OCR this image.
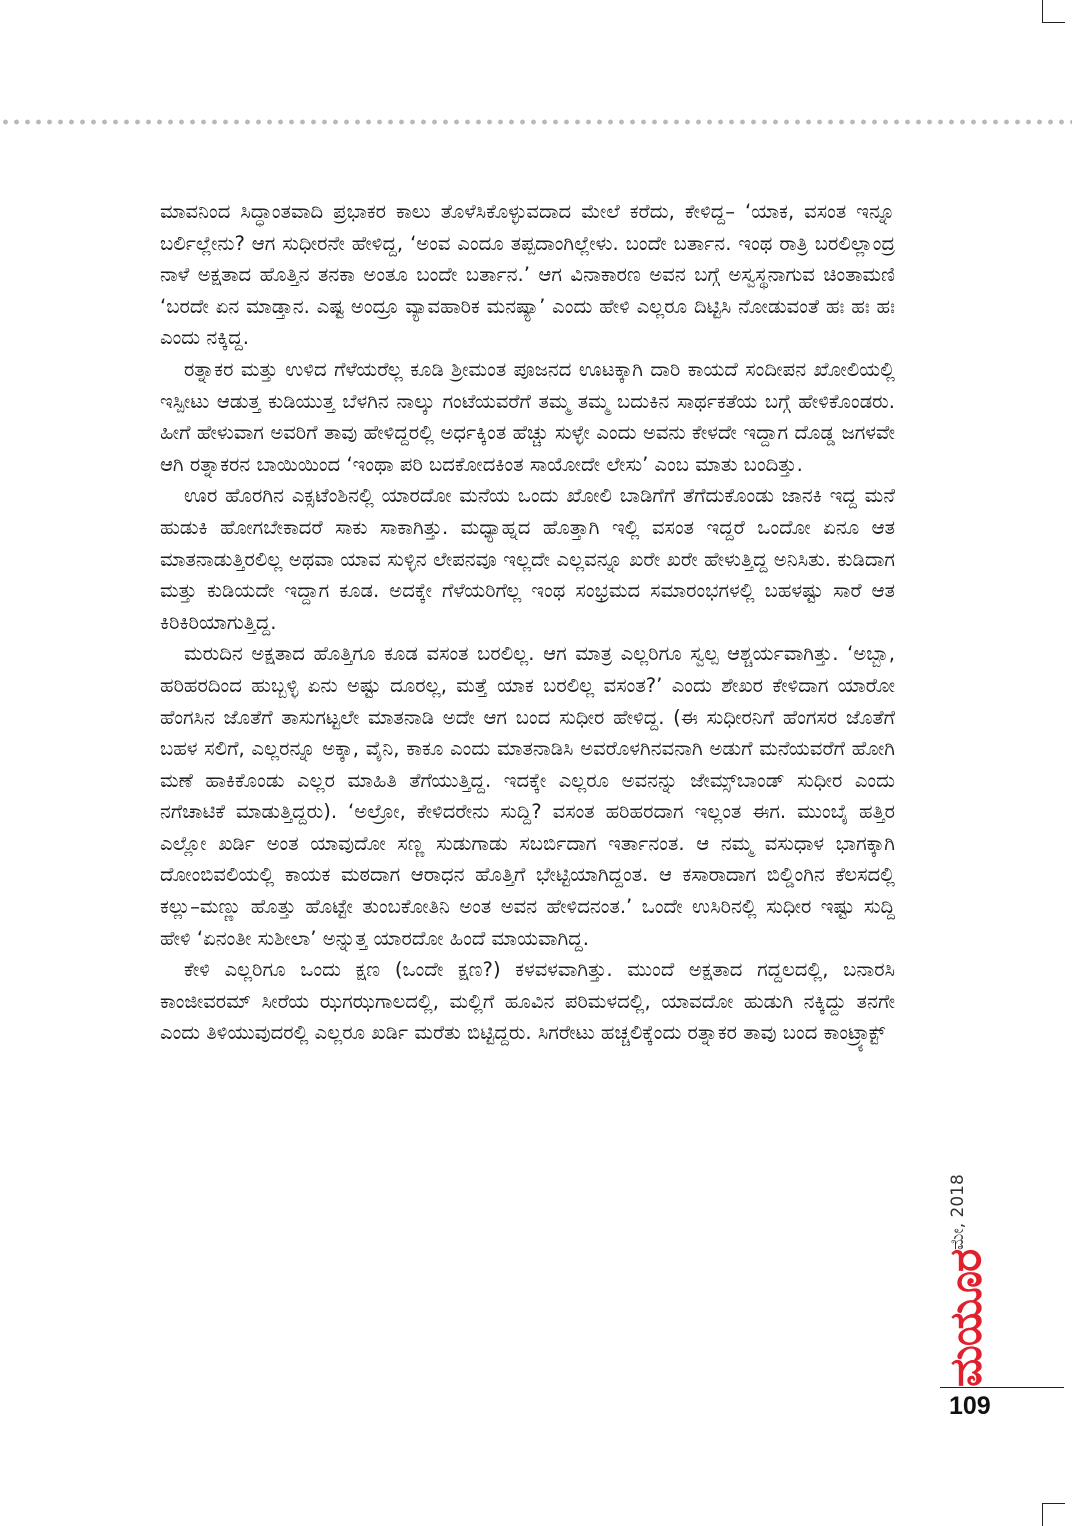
ಮಾವನಿಂದ ಸಿದ್ಧಾಂತವಾದಿ ಪ್ರಭಾಕರ ಕಾಲು ತೊಳೆಸಿಕೊಳ್ಳುವದಾದ ಮೇಲೆ ಕರೆದು, ಕೇಳಿದ್ದ– ‘ಯಾಕ, ವಸಂತ ಇನ್ನೂ ಬರ್ಲಿಲ್ಲೇನು? ಆಗ ಸುಧೀರನೇ ಹೇಳಿದ್ದ, ‘ಅಂವ ಎಂದೂ ತಪ್ಪದಾಂಗಿಲ್ಲೇಳು. ಬಂದೇ ಬರ್ತಾನ. ಇಂಥ ರಾತ್ರಿ ಬರಲಿಲ್ಲಾಂದ್ರ ನಾಳೆ ಅಕ್ಷತಾದ ಹೊತ್ತಿನ ತನಕಾ ಅಂತೂ ಬಂದೇ ಬರ್ತಾನ.’ ಆಗ ವಿನಾಕಾರಣ ಅವನ ಬಗ್ಗೆ ಅಸ್ವಸ್ಥನಾಗುವ ಚಿಂತಾಮಣಿ ‘ಬರದೇ ಏನ ಮಾಡ್ತಾನ. ಎಷ್ಟ ಅಂದ್ರೂ ವ್ಯಾವಹಾರಿಕ ಮನಷ್ಯಾ’ ಎಂದು ಹೇಳಿ ಎಲ್ಲರೂ ದಿಟ್ಟಿಸಿ ನೋಡುವಂತೆ ಹಃ ಹಃ ಹಃ ಎಂದು ನಕ್ಕಿದ್ದ.

ರತ್ನಾಕರ ಮತ್ತು ಉಳಿದ ಗೆಳೆಯರೆಲ್ಲ ಕೂಡಿ ಶ್ರೀಮಂತ ಪೂಜನದ ಊಟಕ್ಕಾಗಿ ದಾರಿ ಕಾಯದೆ ಸಂದೀಪನ ಖೋಲಿಯಲ್ಲಿ ಇಸ್ಪೀಟು ಆಡುತ್ತ ಕುಡಿಯುತ್ತ ಬೆಳಗಿನ ನಾಲ್ಕು ಗಂಟೆಯವರೆಗೆ ತಮ್ಮ ತಮ್ಮ ಬದುಕಿನ ಸಾರ್ಥಕತೆಯ ಬಗ್ಗೆ ಹೇಳಿಕೊಂಡರು. ಹೀಗೆ ಹೇಳುವಾಗ ಅವರಿಗೆ ತಾವು ಹೇಳಿದ್ದರಲ್ಲಿ ಅರ್ಧಕ್ಕಿಂತ ಹೆಚ್ಚು ಸುಳ್ಳೇ ಎಂದು ಅವನು ಕೇಳದೇ ಇದ್ದಾಗ ದೊಡ್ಡ ಜಗಳವೇ ಆಗಿ ರತ್ನಾಕರನ ಬಾಯಿಯಿಂದ ‘ಇಂಥಾ ಪರಿ ಬದಕೋದಕಿಂತ ಸಾಯೋದೇ ಲೇಸು’ ಎಂಬ ಮಾತು ಬಂದಿತ್ತು.

ಊರ ಹೊರಗಿನ ಎಕ್ಸಟೆಂಶಿನಲ್ಲಿ ಯಾರದೋ ಮನೆಯ ಒಂದು ಖೋಲಿ ಬಾಡಿಗೆಗೆ ತೆಗೆದುಕೊಂಡು ಜಾನಕಿ ಇದ್ದ ಮನೆ ಹುಡುಕಿ ಹೋಗಬೇಕಾದರೆ ಸಾಕು ಸಾಕಾಗಿತ್ತು. ಮಧ್ಯಾಹ್ನದ ಹೊತ್ತಾಗಿ ಇಲ್ಲಿ ವಸಂತ ಇದ್ದರೆ ಒಂದೋ ಏನೂ ಆತ ಮಾತನಾಡುತ್ತಿರಲಿಲ್ಲ ಅಥವಾ ಯಾವ ಸುಳ್ಳಿನ ಲೇಪನವೂ ಇಲ್ಲದೇ ಎಲ್ಲವನ್ನೂ ಖರೇ ಖರೇ ಹೇಳುತ್ತಿದ್ದ ಅನಿಸಿತು. ಕುಡಿದಾಗ ಮತ್ತು ಕುಡಿಯದೇ ಇದ್ದಾಗ ಕೂಡ. ಅದಕ್ಕೇ ಗೆಳೆಯರಿಗೆಲ್ಲ ಇಂಥ ಸಂಭ್ರಮದ ಸಮಾರಂಭಗಳಲ್ಲಿ ಬಹಳಷ್ಟು ಸಾರೆ ಆತ ಕಿರಿಕಿರಿಯಾಗುತ್ತಿದ್ದ.

ಮರುದಿನ ಅಕ್ಷತಾದ ಹೊತ್ತಿಗೂ ಕೂಡ ವಸಂತ ಬರಲಿಲ್ಲ. ಆಗ ಮಾತ್ರ ಎಲ್ಲರಿಗೂ ಸ್ವಲ್ಪ ಆಶ್ಚರ್ಯವಾಗಿತ್ತು. ‘ಅಬ್ಬಾ, ಹರಿಹರದಿಂದ ಹುಬ್ಬಳ್ಳಿ ಏನು ಅಷ್ಟು ದೂರಲ್ಲ, ಮತ್ತೆ ಯಾಕ ಬರಲಿಲ್ಲ ವಸಂತ?’ ಎಂದು ಶೇಖರ ಕೇಳಿದಾಗ ಯಾರೋ ಹೆಂಗಸಿನ ಜೊತೆಗೆ ತಾಸುಗಟ್ಟಲೇ ಮಾತನಾಡಿ ಅದೇ ಆಗ ಬಂದ ಸುಧೀರ ಹೇಳಿದ್ದ. (ಈ ಸುಧೀರನಿಗೆ ಹೆಂಗಸರ ಜೊತೆಗೆ ಬಹಳ ಸಲಿಗೆ, ಎಲ್ಲರನ್ನೂ ಅಕ್ಕಾ, ವೈನಿ, ಕಾಕೂ ಎಂದು ಮಾತನಾಡಿಸಿ ಅವರೊಳಗಿನವನಾಗಿ ಅಡುಗೆ ಮನೆಯವರೆಗೆ ಹೋಗಿ ಮಣೆ ಹಾಕಿಕೊಂಡು ಎಲ್ಲರ ಮಾಹಿತಿ ತೆಗೆಯುತ್ತಿದ್ದ. ಇದಕ್ಕೇ ಎಲ್ಲರೂ ಅವನನ್ನು ಜೇಮ್ಸ್‌ಬಾಂಡ್ ಸುಧೀರ ಎಂದು ನಗೆಚಾಟಿಕೆ ಮಾಡುತ್ತಿದ್ದರು). ‘ಅಲ್ರೋ, ಕೇಳಿದರೇನು ಸುದ್ದಿ? ವಸಂತ ಹರಿಹರದಾಗ ಇಲ್ಲಂತ ಈಗ. ಮುಂಬೈ ಹತ್ತಿರ ಎಲ್ಲೋ ಖರ್ಡಿ ಅಂತ ಯಾವುದೋ ಸಣ್ಣ ಸುಡುಗಾಡು ಸಬರ್ಬಿದಾಗ ಇರ್ತಾನಂತ. ಆ ನಮ್ಮ ವಸುಧಾಳ ಭಾಗಕ್ಕಾಗಿ ದೋಂಬಿವಲಿಯಲ್ಲಿ ಕಾಯಕ ಮಠದಾಗ ಆರಾಧನ ಹೊತ್ತಿಗೆ ಭೇಟ್ಟಿಯಾಗಿದ್ದಂತ. ಆ ಕಸಾರಾದಾಗ ಬಿಲ್ಡಿಂಗಿನ ಕೆಲಸದಲ್ಲಿ ಕಲ್ಲು–ಮಣ್ಣು ಹೊತ್ತು ಹೊಟ್ಟೇ ತುಂಬಕೋತಿನಿ ಅಂತ ಅವನ ಹೇಳಿದನಂತ.’ ಒಂದೇ ಉಸಿರಿನಲ್ಲಿ ಸುಧೀರ ಇಷ್ಟು ಸುದ್ದಿ ಹೇಳಿ ‘ಏನಂತೀ ಸುಶೀಲಾ’ ಅನ್ನುತ್ತ ಯಾರದೋ ಹಿಂದೆ ಮಾಯವಾಗಿದ್ದ.

ಕೇಳಿ ಎಲ್ಲರಿಗೂ ಒಂದು ಕ್ಷಣ (ಒಂದೇ ಕ್ಷಣ?) ಕಳವಳವಾಗಿತ್ತು. ಮುಂದೆ ಅಕ್ಷತಾದ ಗದ್ದಲದಲ್ಲಿ, ಬನಾರಸಿ ಕಾಂಜೀವರಮ್ ಸೀರೆಯ ಝಗಝಗಾಲದಲ್ಲಿ, ಮಲ್ಲಿಗೆ ಹೂವಿನ ಪರಿಮಳದಲ್ಲಿ, ಯಾವದೋ ಹುಡುಗಿ ನಕ್ಕಿದ್ದು ತನಗೇ ಎಂದು ತಿಳಿಯುವುದರಲ್ಲಿ ಎಲ್ಲರೂ ಖರ್ಡಿ ಮರೆತು ಬಿಟ್ಟಿದ್ದರು. ಸಿಗರೇಟು ಹಚ್ಚಲಿಕ್ಕೆಂದು ರತ್ನಾಕರ ತಾವು ಬಂದ ಕಾಂಟ್ರ್ಯಾಕ್ಟ್

ಮೇ, 2018
ಮಯೂರ
109
